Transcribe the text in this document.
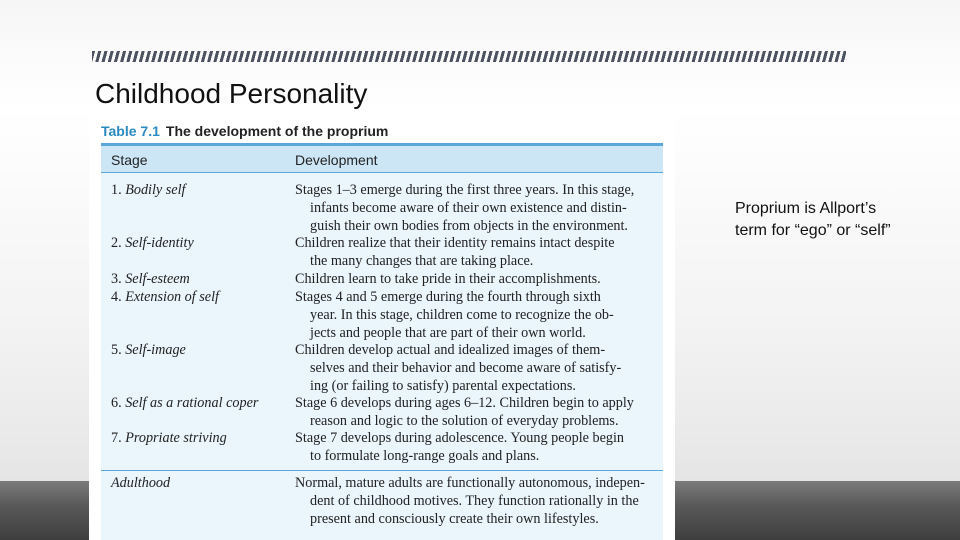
Childhood Personality
Table 7.1 The development of the proprium
Stage	Development
1. Bodily self	Stages 1–3 emerge during the first three years. In this stage,
infants become aware of their own existence and distin-
guish their own bodies from objects in the environment.
2. Self-identity	Children realize that their identity remains intact despite
the many changes that are taking place.
3. Self-esteem	Children learn to take pride in their accomplishments.
4. Extension of self	Stages 4 and 5 emerge during the fourth through sixth
year. In this stage, children come to recognize the ob-
jects and people that are part of their own world.
5. Self-image	Children develop actual and idealized images of them-
selves and their behavior and become aware of satisfy-
ing (or failing to satisfy) parental expectations.
6. Self as a rational coper	Stage 6 develops during ages 6–12. Children begin to apply
reason and logic to the solution of everyday problems.
7. Propriate striving	Stage 7 develops during adolescence. Young people begin
to formulate long-range goals and plans.
Adulthood	Normal, mature adults are functionally autonomous, indepen-
dent of childhood motives. They function rationally in the
present and consciously create their own lifestyles.
Proprium is Allport’s term for “ego” or “self”
